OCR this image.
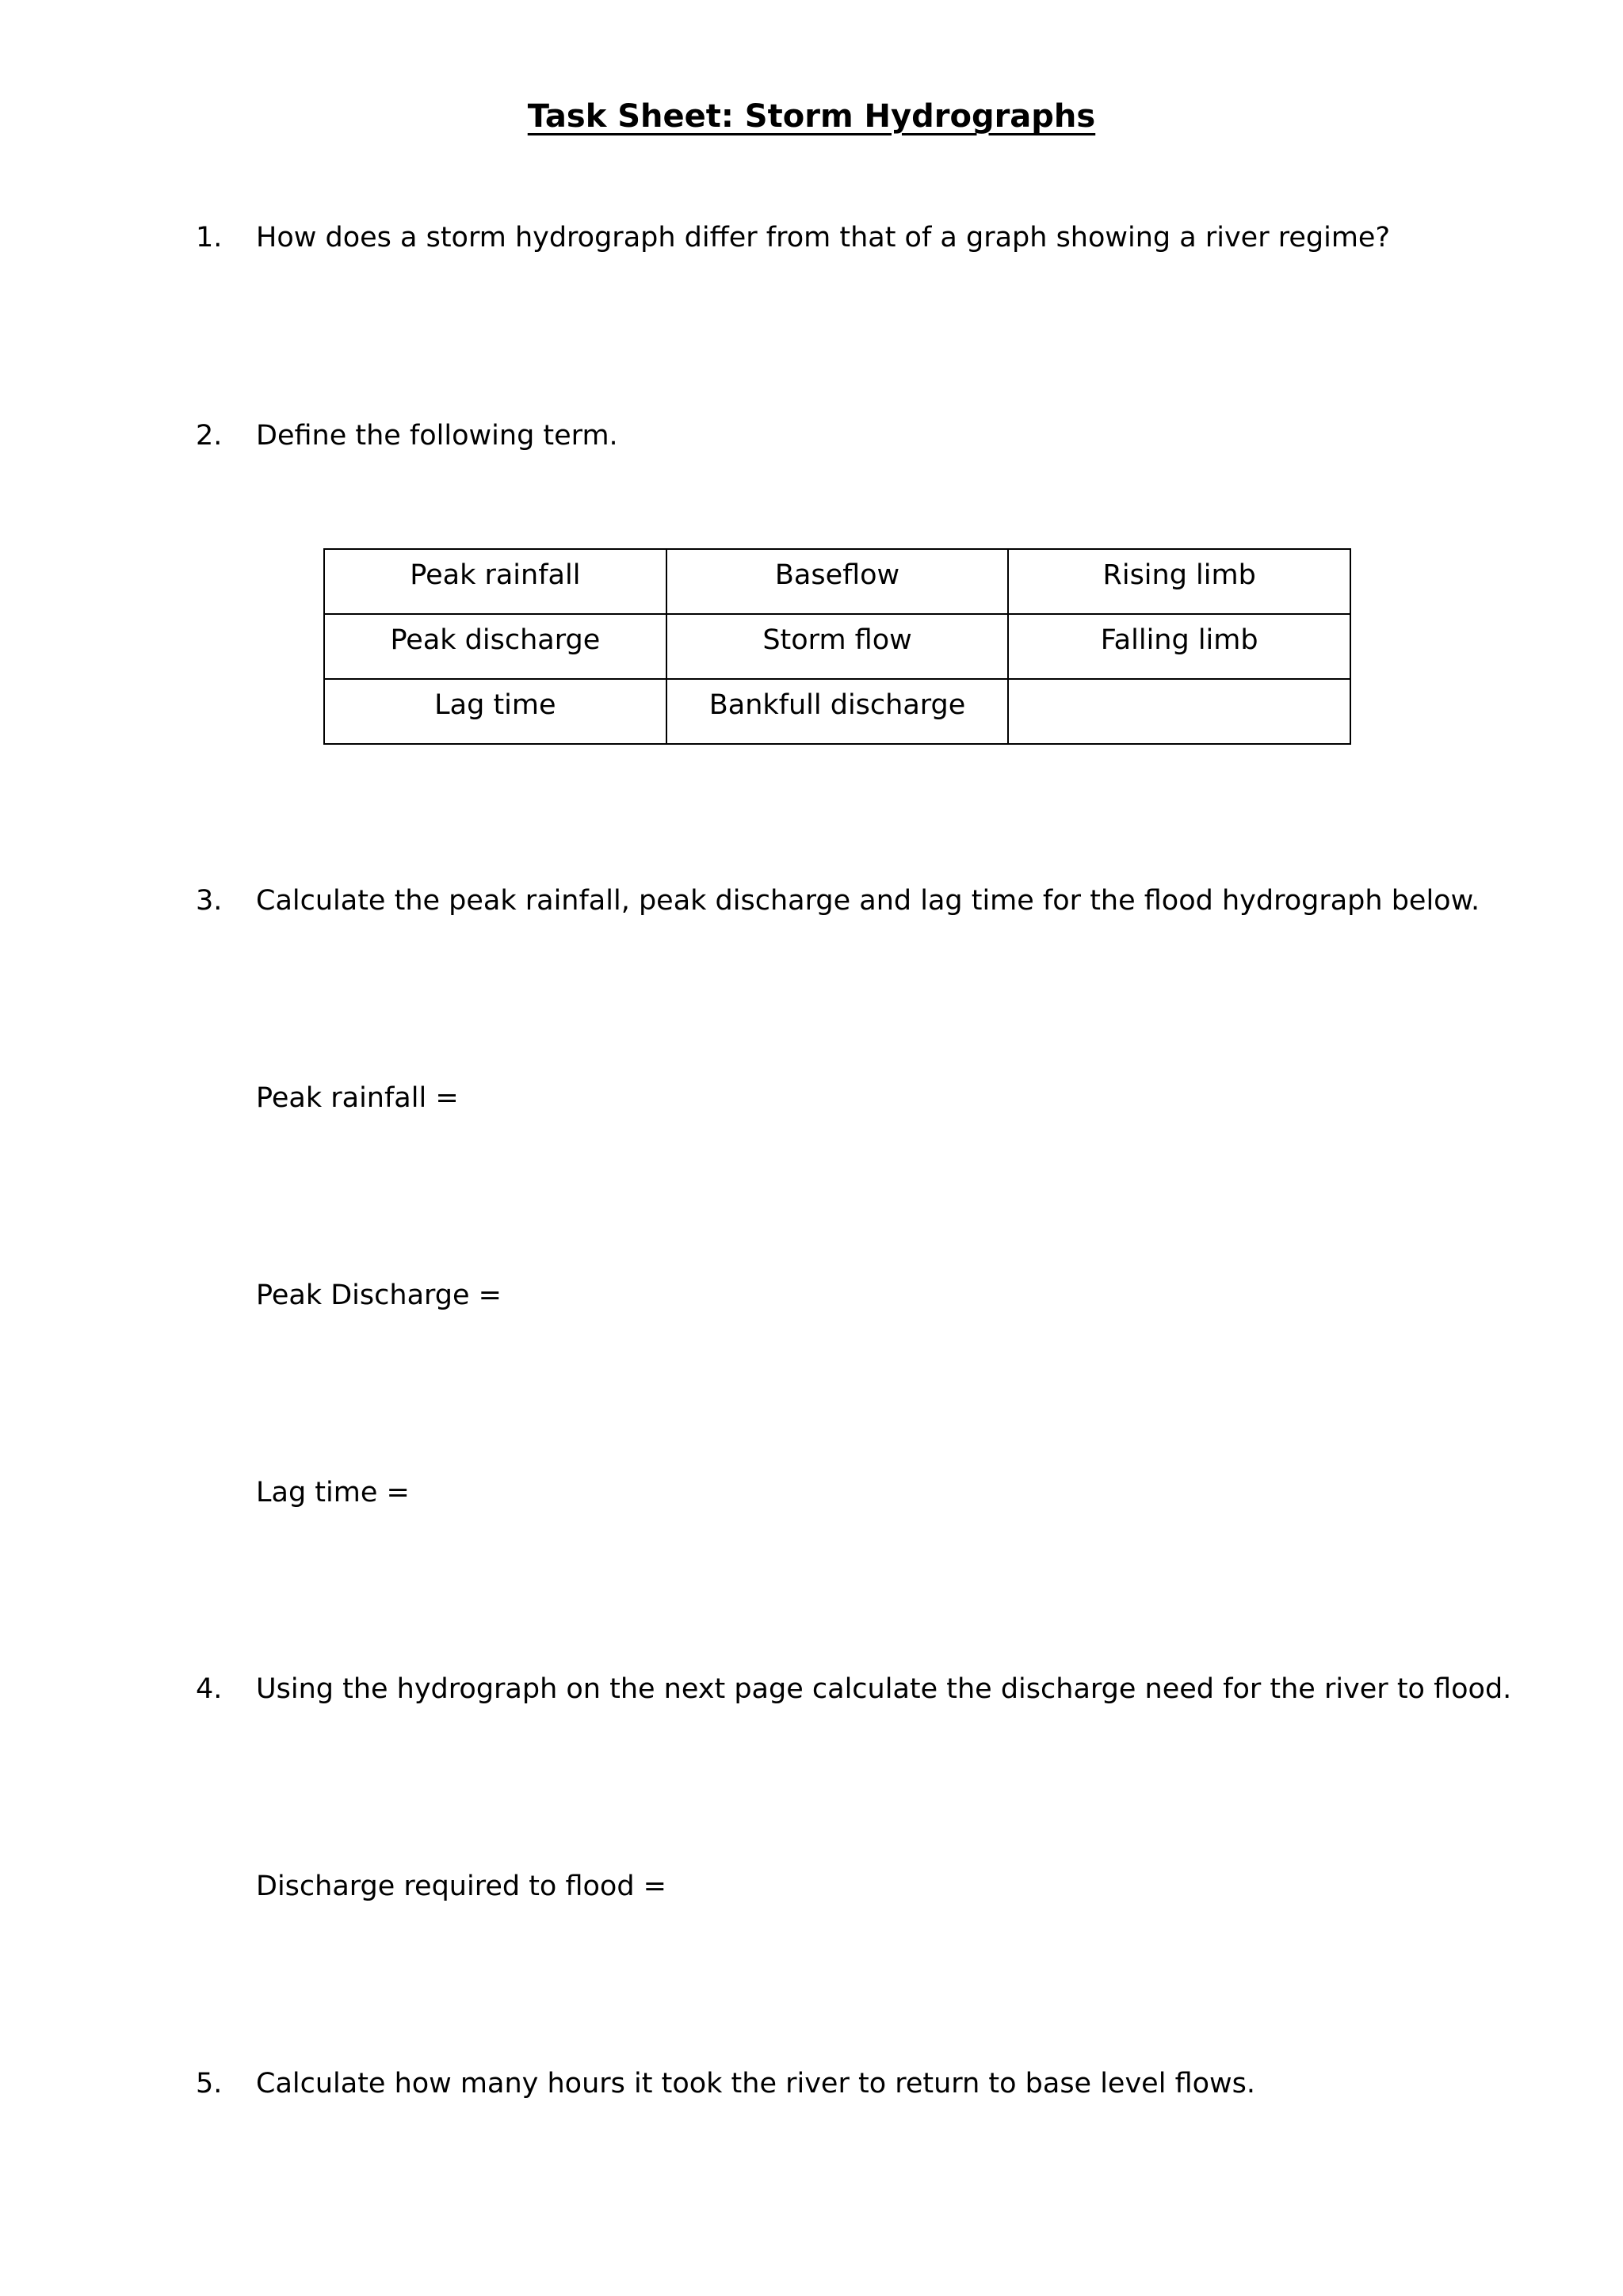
Task Sheet: Storm Hydrographs
1. How does a storm hydrograph differ from that of a graph showing a river regime?
2. Define the following term.
Peak rainfall	Baseflow	Rising limb
Peak discharge	Storm flow	Falling limb
Lag time	Bankfull discharge	
3. Calculate the peak rainfall, peak discharge and lag time for the flood hydrograph below.
Peak rainfall =
Peak Discharge =
Lag time =
4. Using the hydrograph on the next page calculate the discharge need for the river to flood.
Discharge required to flood =
5. Calculate how many hours it took the river to return to base level flows.
